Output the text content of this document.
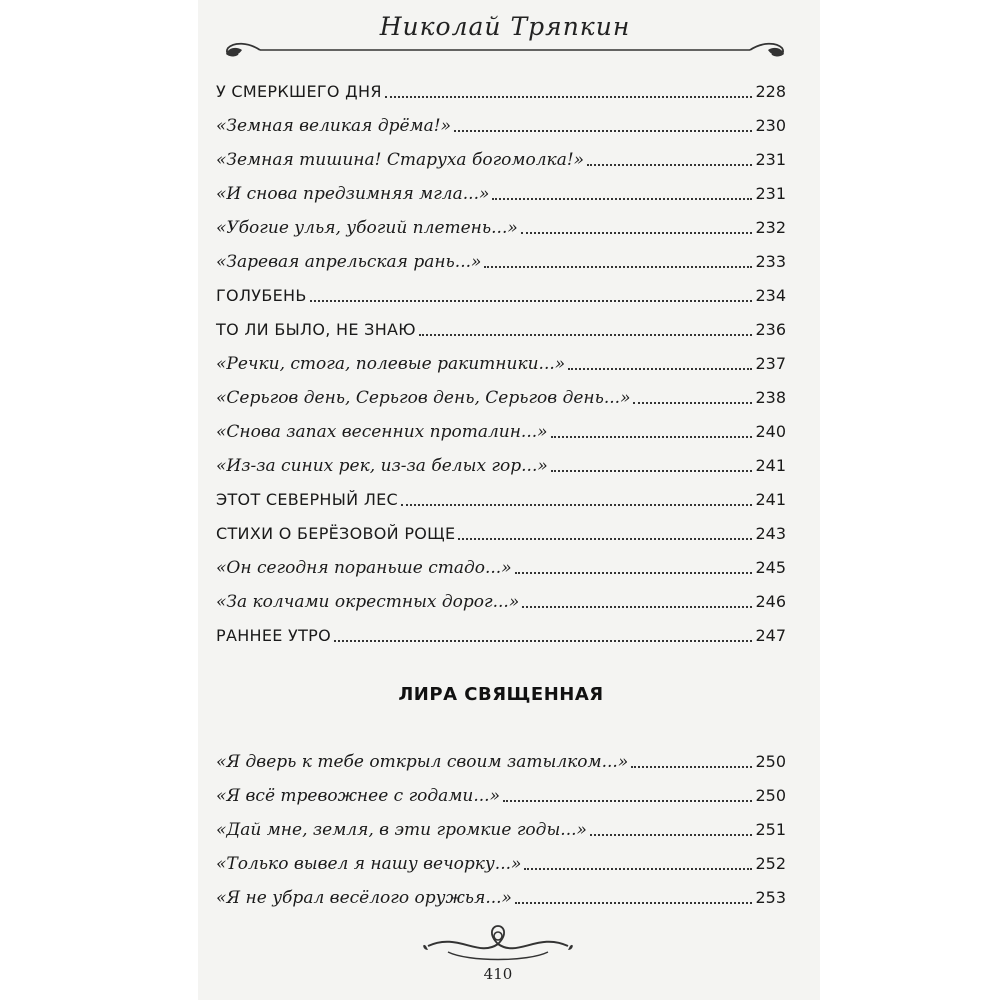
Николай Тряпкин
У СМЕРКШЕГО ДНЯ	228
«Земная великая дрёма!»	230
«Земная тишина! Старуха богомолка!»	231
«И снова предзимняя мгла...»	231
«Убогие улья, убогий плетень...»	232
«Заревая апрельская рань...»	233
ГОЛУБЕНЬ	234
ТО ЛИ БЫЛО, НЕ ЗНАЮ	236
«Речки, стога, полевые ракитники...»	237
«Серьгов день, Серьгов день, Серьгов день...»	238
«Снова запах весенних проталин...»	240
«Из-за синих рек, из-за белых гор...»	241
ЭТОТ СЕВЕРНЫЙ ЛЕС	241
СТИХИ О БЕРЁЗОВОЙ РОЩЕ	243
«Он сегодня пораньше стадо...»	245
«За колчами окрестных дорог...»	246
РАННЕЕ УТРО	247
ЛИРА СВЯЩЕННАЯ
«Я дверь к тебе открыл своим затылком...»	250
«Я всё тревожнее с годами...»	250
«Дай мне, земля, в эти громкие годы...»	251
«Только вывел я нашу вечорку...»	252
«Я не убрал весёлого оружья...»	253
410
